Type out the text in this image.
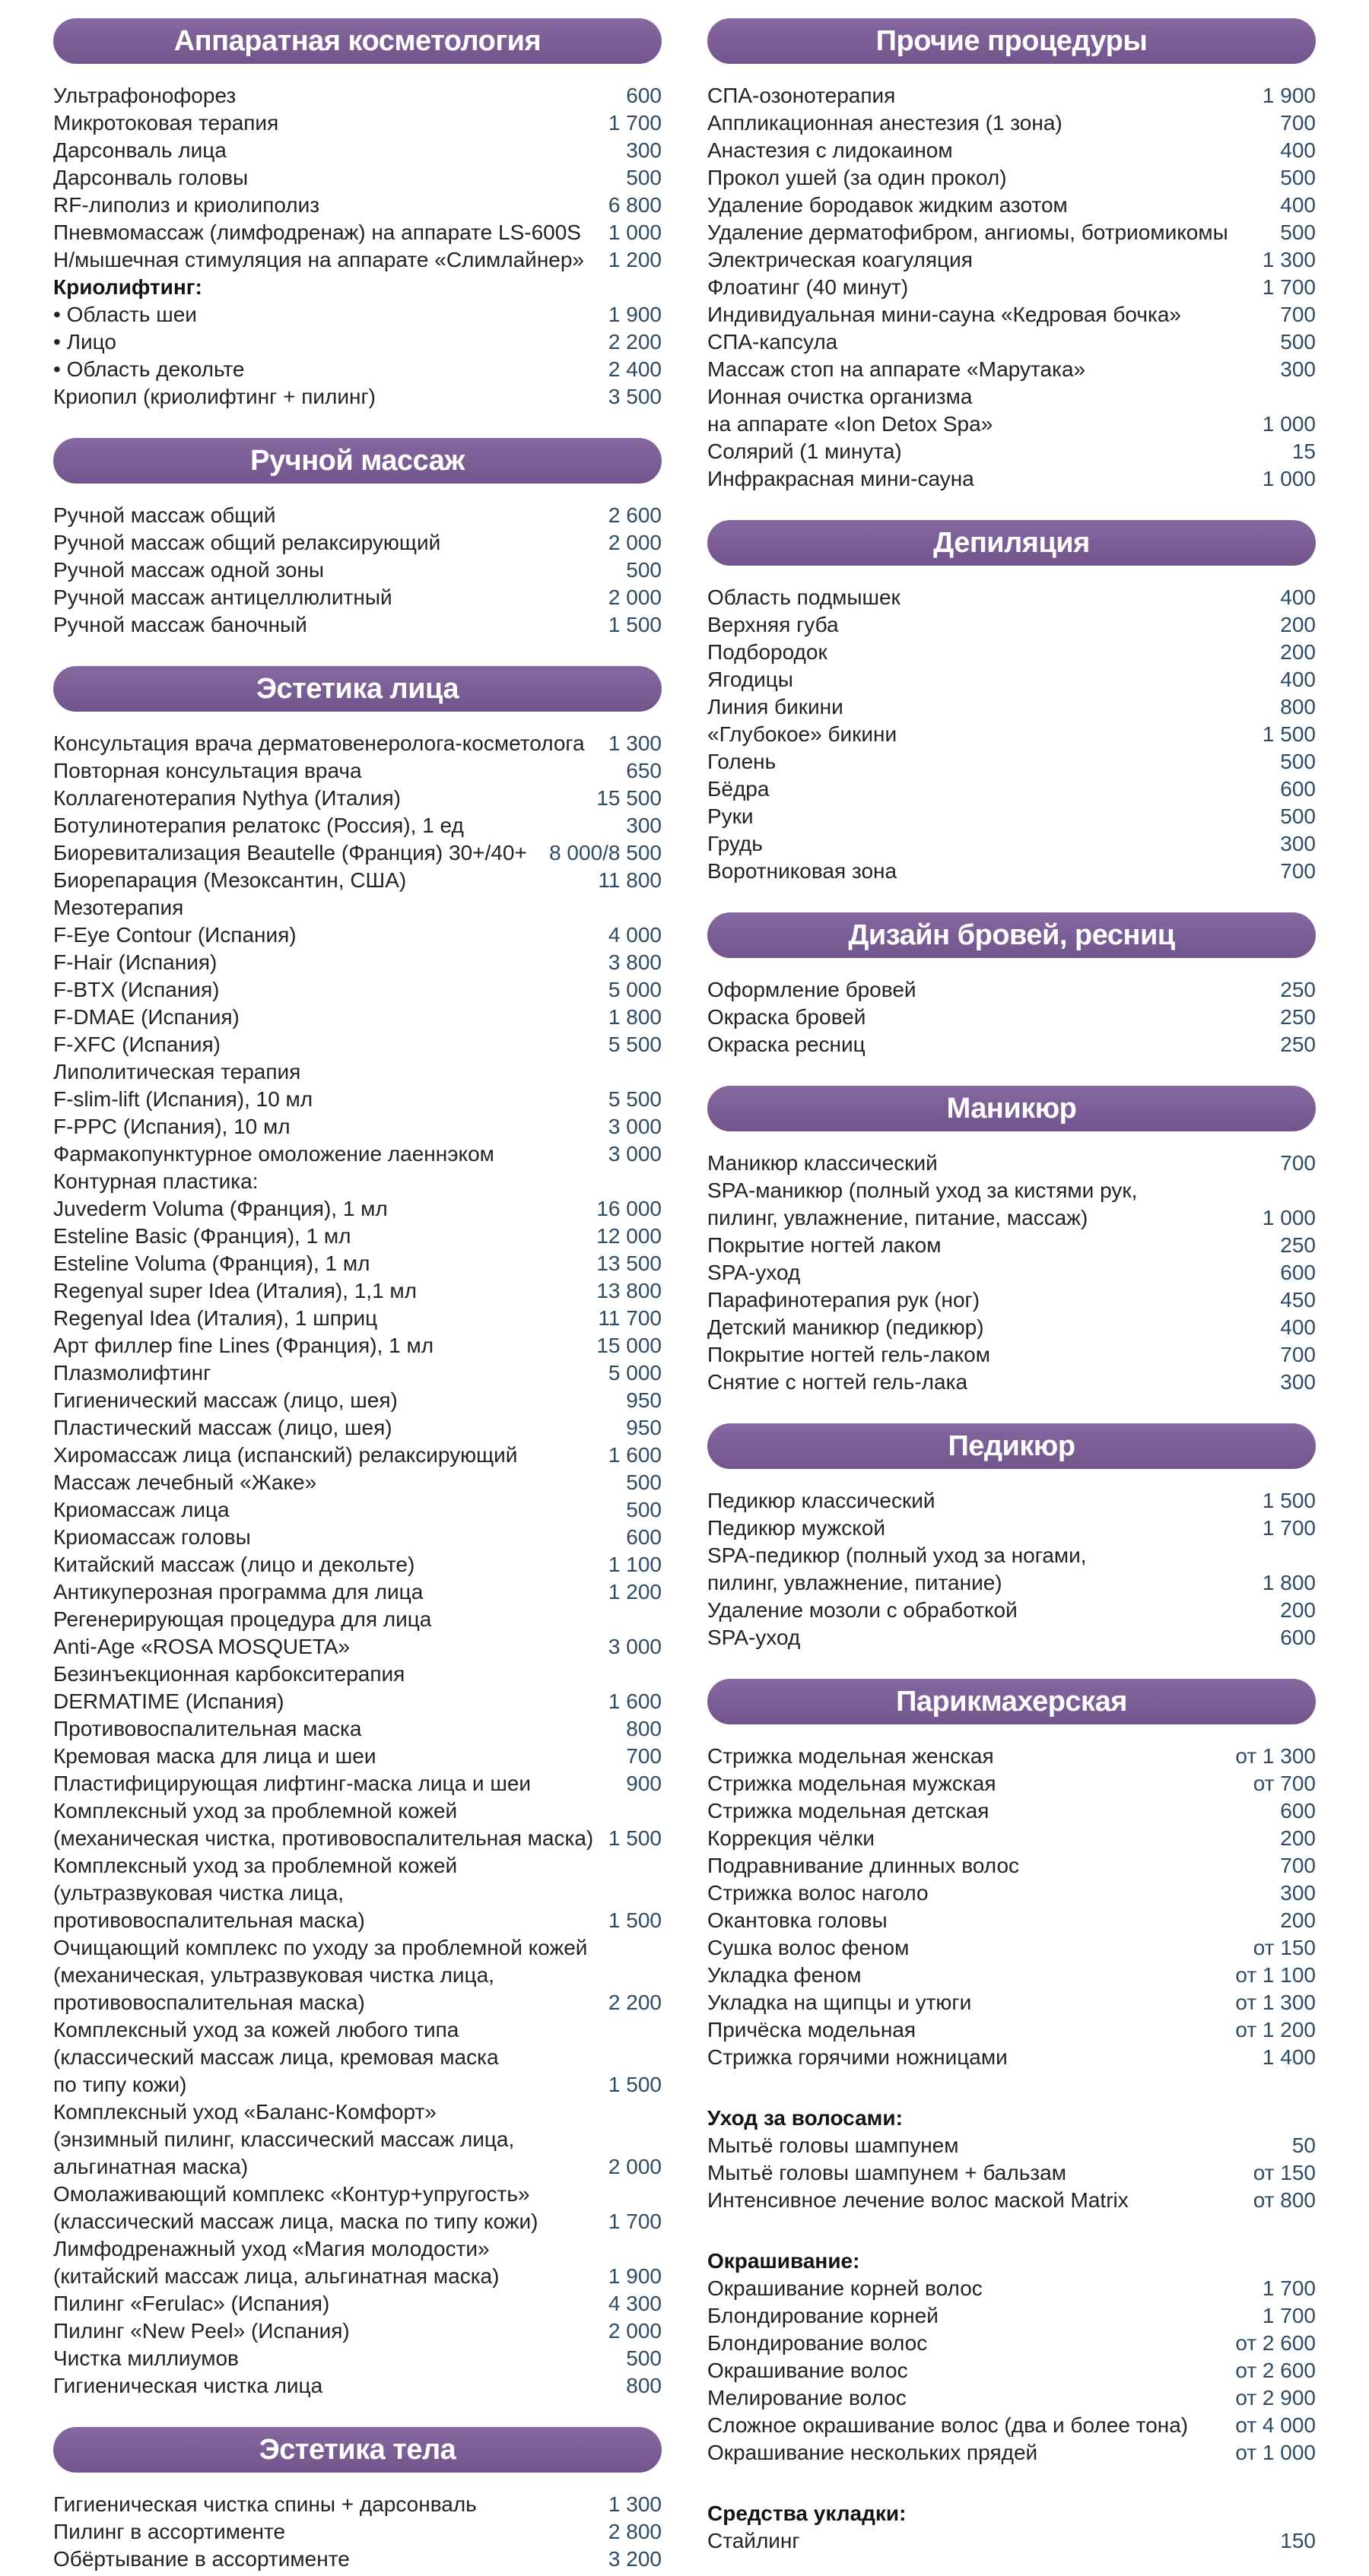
Аппаратная косметология
Ультрафонофорез	600
Микротоковая терапия	1 700
Дарсонваль лица	300
Дарсонваль головы	500
RF-липолиз и криолиполиз	6 800
Пневмомассаж (лимфодренаж) на аппарате LS-600S	1 000
Н/мышечная стимуляция на аппарате «Слимлайнер»	1 200
Криолифтинг:
• Область шеи	1 900
• Лицо	2 200
• Область декольте	2 400
Криопил (криолифтинг + пилинг)	3 500
Ручной массаж
Ручной массаж общий	2 600
Ручной массаж общий релаксирующий	2 000
Ручной массаж одной зоны	500
Ручной массаж антицеллюлитный	2 000
Ручной массаж баночный	1 500
Эстетика лица
Консультация врача дерматовенеролога-косметолога	1 300
Повторная консультация врача	650
Коллагенотерапия Nythya (Италия)	15 500
Ботулинотерапия релатокс (Россия), 1 ед	300
Биоревитализация Beautelle (Франция) 30+/40+	8 000/8 500
Биорепарация (Мезоксантин, США)	11 800
Мезотерапия
F-Eye Contour (Испания)	4 000
F-Hair (Испания)	3 800
F-BTX (Испания)	5 000
F-DMAE (Испания)	1 800
F-XFC (Испания)	5 500
Липолитическая терапия
F-slim-lift (Испания), 10 мл	5 500
F-PPC (Испания), 10 мл	3 000
Фармакопунктурное омоложение лаеннэком	3 000
Контурная пластика:
Juvederm Voluma (Франция), 1 мл	16 000
Esteline Basic (Франция), 1 мл	12 000
Esteline Voluma (Франция), 1 мл	13 500
Regenyal super Idea (Италия), 1,1 мл	13 800
Regenyal Idea (Италия), 1 шприц	11 700
Арт филлер fine Lines (Франция), 1 мл	15 000
Плазмолифтинг	5 000
Гигиенический массаж (лицо, шея)	950
Пластический массаж (лицо, шея)	950
Хиромассаж лица (испанский) релаксирующий	1 600
Массаж лечебный «Жаке»	500
Криомассаж лица	500
Криомассаж головы	600
Китайский массаж (лицо и декольте)	1 100
Антикуперозная программа для лица	1 200
Регенерирующая процедура для лица
Anti-Age «ROSA MOSQUETA»	3 000
Безинъекционная карбокситерапия
DERMATIME (Испания)	1 600
Противовоспалительная маска	800
Кремовая маска для лица и шеи	700
Пластифицирующая лифтинг-маска лица и шеи	900
Комплексный уход за проблемной кожей
(механическая чистка, противовоспалительная маска) 1 500
Комплексный уход за проблемной кожей
(ультразвуковая чистка лица,
противовоспалительная маска)	1 500
Очищающий комплекс по уходу за проблемной кожей
(механическая, ультразвуковая чистка лица,
противовоспалительная маска)	2 200
Комплексный уход за кожей любого типа
(классический массаж лица, кремовая маска
по типу кожи)	1 500
Комплексный уход «Баланс-Комфорт»
(энзимный пилинг, классический массаж лица,
альгинатная маска)	2 000
Омолаживающий комплекс «Контур+упругость»
(классический массаж лица, маска по типу кожи)	1 700
Лимфодренажный уход «Магия молодости»
(китайский массаж лица, альгинатная маска)	1 900
Пилинг «Ferulac» (Испания)	4 300
Пилинг «New Peel» (Испания)	2 000
Чистка миллиумов	500
Гигиеническая чистка лица	800
Эстетика тела
Гигиеническая чистка спины + дарсонваль	1 300
Пилинг в ассортименте	2 800
Обёртывание в ассортименте	3 200
Прочие процедуры
СПА-озонотерапия	1 900
Аппликационная анестезия (1 зона)	700
Анастезия с лидокаином	400
Прокол ушей (за один прокол)	500
Удаление бородавок жидким азотом	400
Удаление дерматофибром, ангиомы, ботриомикомы	500
Электрическая коагуляция	1 300
Флоатинг (40 минут)	1 700
Индивидуальная мини-сауна «Кедровая бочка»	700
СПА-капсула	500
Массаж стоп на аппарате «Марутака»	300
Ионная очистка организма
на аппарате «Ion Detox Spa»	1 000
Солярий (1 минута)	15
Инфракрасная мини-сауна	1 000
Депиляция
Область подмышек	400
Верхняя губа	200
Подбородок	200
Ягодицы	400
Линия бикини	800
«Глубокое» бикини	1 500
Голень	500
Бёдра	600
Руки	500
Грудь	300
Воротниковая зона	700
Дизайн бровей, ресниц
Оформление бровей	250
Окраска бровей	250
Окраска ресниц	250
Маникюр
Маникюр классический	700
SPA-маникюр (полный уход за кистями рук,
пилинг, увлажнение, питание, массаж)	1 000
Покрытие ногтей лаком	250
SPA-уход	600
Парафинотерапия рук (ног)	450
Детский маникюр (педикюр)	400
Покрытие ногтей гель-лаком	700
Снятие с ногтей гель-лака	300
Педикюр
Педикюр классический	1 500
Педикюр мужской	1 700
SPA-педикюр (полный уход за ногами,
пилинг, увлажнение, питание)	1 800
Удаление мозоли с обработкой	200
SPA-уход	600
Парикмахерская
Стрижка модельная женская	от 1 300
Стрижка модельная мужская	от 700
Стрижка модельная детская	600
Коррекция чёлки	200
Подравнивание длинных волос	700
Стрижка волос наголо	300
Окантовка головы	200
Сушка волос феном	от 150
Укладка феном	от 1 100
Укладка на щипцы и утюги	от 1 300
Причёска модельная	от 1 200
Стрижка горячими ножницами	1 400
Уход за волосами:
Мытьё головы шампунем	50
Мытьё головы шампунем + бальзам	от 150
Интенсивное лечение волос маской Matrix	от 800
Окрашивание:
Окрашивание корней волос	1 700
Блондирование корней	1 700
Блондирование волос	от 2 600
Окрашивание волос	от 2 600
Мелирование волос	от 2 900
Сложное окрашивание волос (два и более тона)	от 4 000
Окрашивание нескольких прядей	от 1 000
Средства укладки:
Стайлинг	150
